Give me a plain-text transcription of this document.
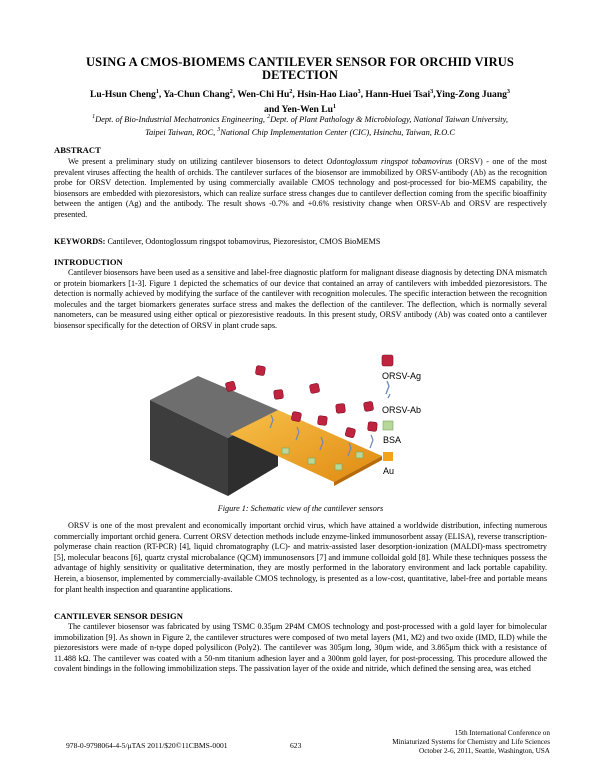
USING A CMOS-BIOMEMS CANTILEVER SENSOR FOR ORCHID VIRUS
DETECTION
Lu-Hsun Cheng$^1$, Ya-Chun Chang$^2$, Wen-Chi Hu$^2$, Hsin-Hao Liao$^3$, Hann-Huei Tsai$^3$,Ying-Zong Juang$^3$
and Yen-Wen Lu$^1$
$^1$Dept. of Bio-Industrial Mechatronics Engineering, $^2$Dept. of Plant Pathology & Microbiology, National Taiwan University,
Taipei Taiwan, ROC, $^3$National Chip Implementation Center (CIC), Hsinchu, Taiwan, R.O.C
ABSTRACT
We present a preliminary study on utilizing cantilever biosensors to detect Odontoglossum ringspot tobamovirus (ORSV) - one of the most prevalent viruses affecting the health of orchids. The cantilever surfaces of the biosensor are immobilized by ORSV-antibody (Ab) as the recognition probe for ORSV detection. Implemented by using commercially available CMOS technology and post-processed for bio-MEMS capability, the biosensors are embedded with piezoresistors, which can realize surface stress changes due to cantilever deflection coming from the specific bioaffinity between the antigen (Ag) and the antibody. The result shows -0.7% and +0.6% resistivity change when ORSV-Ab and ORSV are respectively presented.
KEYWORDS: Cantilever, Odontoglossum ringspot tobamovirus, Piezoresistor, CMOS BioMEMS
INTRODUCTION
Cantilever biosensors have been used as a sensitive and label-free diagnostic platform for malignant disease diagnosis by detecting DNA mismatch or protein biomarkers [1-3]. Figure 1 depicted the schematics of our device that contained an array of cantilevers with imbedded piezoresistors. The detection is normally achieved by modifying the surface of the cantilever with recognition molecules. The specific interaction between the recognition molecules and the target biomarkers generates surface stress and makes the deflection of the cantilever. The deflection, which is normally several nanometers, can be measured using either optical or piezoresistive readouts. In this present study, ORSV antibody (Ab) was coated onto a cantilever biosensor specifically for the detection of ORSV in plant crude saps.
ORSV-Ag
ORSV-Ab
BSA
Au
Figure 1: Schematic view of the cantilever sensors
ORSV is one of the most prevalent and economically important orchid virus, which have attained a worldwide distribution, infecting numerous commercially important orchid genera. Current ORSV detection methods include enzyme-linked immunosorbent assay (ELISA), reverse transcription-polymerase chain reaction (RT-PCR) [4], liquid chromatography (LC)- and matrix-assisted laser desorption-ionization (MALDI)-mass spectrometry [5], molecular beacons [6], quartz crystal microbalance (QCM) immunosensors [7] and immune colloidal gold [8]. While these techniques possess the advantage of highly sensitivity or qualitative determination, they are mostly performed in the laboratory environment and lack portable capability. Herein, a biosensor, implemented by commercially-available CMOS technology, is presented as a low-cost, quantitative, label-free and portable means for plant health inspection and quarantine applications.
CANTILEVER SENSOR DESIGN
The cantilever biosensor was fabricated by using TSMC 0.35μm 2P4M CMOS technology and post-processed with a gold layer for bimolecular immobilization [9]. As shown in Figure 2, the cantilever structures were composed of two metal layers (M1, M2) and two oxide (IMD, ILD) while the piezoresistors were made of n-type doped polysilicon (Poly2). The cantilever was 305μm long, 30μm wide, and 3.865μm thick with a resistance of 11.488 kΩ. The cantilever was coated with a 50-nm titanium adhesion layer and a 300nm gold layer, for post-processing. This procedure allowed the covalent bindings in the following immobilization steps. The passivation layer of the oxide and nitride, which defined the sensing area, was etched
978-0-9798064-4-5/μTAS 2011/$20©11CBMS-0001	623
15th International Conference on
Miniaturized Systems for Chemistry and Life Sciences
October 2-6, 2011, Seattle, Washington, USA
